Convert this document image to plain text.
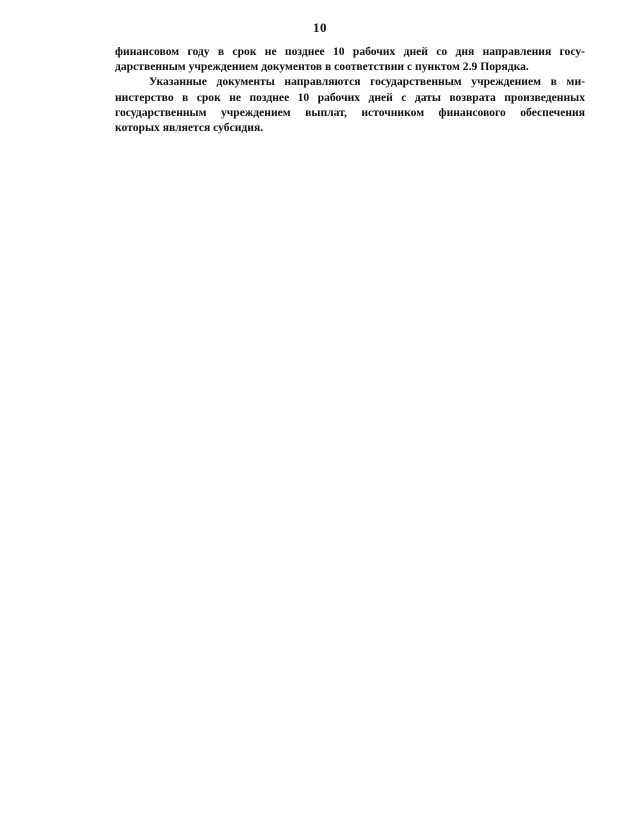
10
финансовом году в срок не позднее 10 рабочих дней со дня направления госу-
дарственным учреждением документов в соответствии с пунктом 2.9 Порядка.
Указанные документы направляются государственным учреждением в ми-
нистерство в срок не позднее 10 рабочих дней с даты возврата произведенных
государственным учреждением выплат, источником финансового обеспечения
которых является субсидия.
